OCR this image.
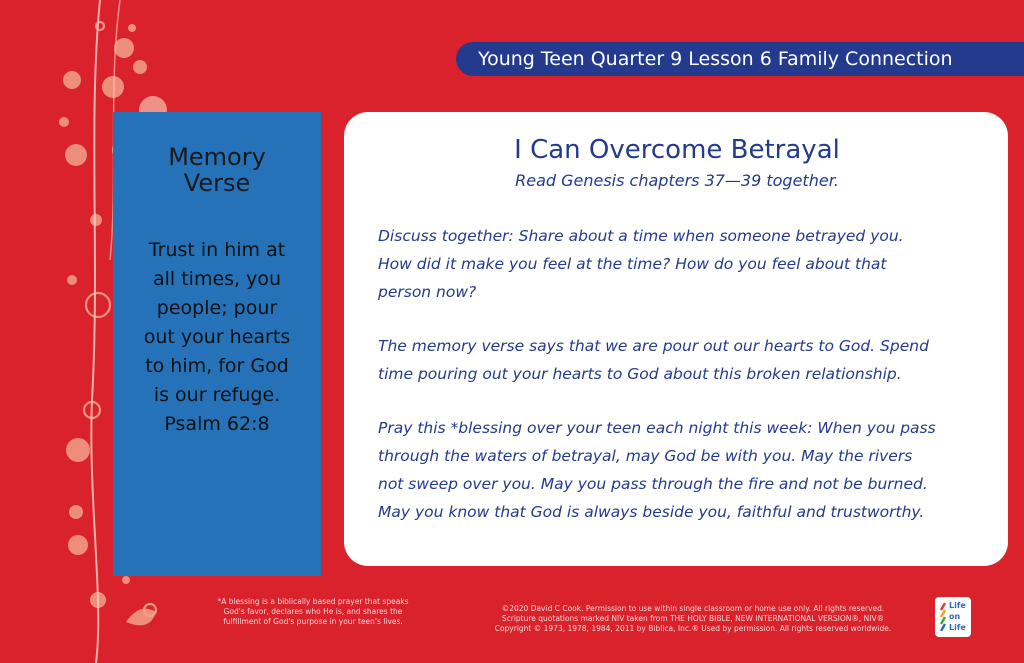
Young Teen Quarter 9 Lesson 6 Family Connection
Memory
Verse
Trust in him at
all times, you
people; pour
out your hearts
to him, for God
is our refuge.
Psalm 62:8
I Can Overcome Betrayal
Read Genesis chapters 37—39 together.

Discuss together: Share about a time when someone betrayed you.
How did it make you feel at the time? How do you feel about that
person now?

The memory verse says that we are pour out our hearts to God. Spend
time pouring out your hearts to God about this broken relationship.

Pray this *blessing over your teen each night this week: When you pass
through the waters of betrayal, may God be with you. May the rivers
not sweep over you. May you pass through the fire and not be burned.
May you know that God is always beside you, faithful and trustworthy.

*A blessing is a biblically based prayer that speaks
God's favor, declares who He is, and shares the
fulfillment of God's purpose in your teen's lives.
©2020 David C Cook. Permission to use within single classroom or home use only. All rights reserved.
Scripture quotations marked NIV taken from THE HOLY BIBLE, NEW INTERNATIONAL VERSION®, NIV®
Copyright © 1973, 1978, 1984, 2011 by Biblica, Inc.® Used by permission. All rights reserved worldwide.
Life
on
Life
